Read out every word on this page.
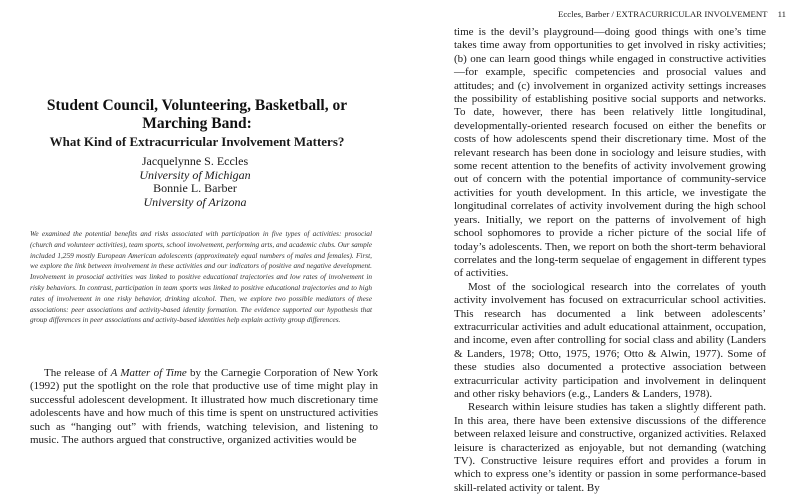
Student Council, Volunteering, Basketball, or Marching Band:
What Kind of Extracurricular Involvement Matters?
Jacquelynne S. Eccles
University of Michigan
Bonnie L. Barber
University of Arizona
We examined the potential benefits and risks associated with participation in five types of activities: prosocial (church and volunteer activities), team sports, school involvement, performing arts, and academic clubs. Our sample included 1,259 mostly European American adolescents (approximately equal numbers of males and females). First, we explore the link between involvement in these activities and our indicators of positive and negative development. Involvement in prosocial activities was linked to positive educational trajectories and low rates of involvement in risky behaviors. In contrast, participation in team sports was linked to positive educational trajectories and to high rates of involvement in one risky behavior, drinking alcohol. Then, we explore two possible mediators of these associations: peer associations and activity-based identity formation. The evidence supported our hypothesis that group differences in peer associations and activity-based identities help explain activity group differences.

The release of A Matter of Time by the Carnegie Corporation of New York (1992) put the spotlight on the role that productive use of time might play in successful adolescent development. It illustrated how much discretionary time adolescents have and how much of this time is spent on unstructured activities such as “hanging out” with friends, watching television, and listening to music. The authors argued that constructive, organized activities would be

Eccles, Barber / EXTRACURRICULAR INVOLVEMENT 11

time is the devil’s playground—doing good things with one’s time takes time away from opportunities to get involved in risky activities; (b) one can learn good things while engaged in constructive activities—for example, specific competencies and prosocial values and attitudes; and (c) involvement in organized activity settings increases the possibility of establishing positive social supports and networks. To date, however, there has been relatively little longitudinal, developmentally-oriented research focused on either the benefits or costs of how adolescents spend their discretionary time. Most of the relevant research has been done in sociology and leisure studies, with some recent attention to the benefits of activity involvement growing out of concern with the potential importance of community-service activities for youth development. In this article, we investigate the longitudinal correlates of activity involvement during the high school years. Initially, we report on the patterns of involvement of high school sophomores to provide a richer picture of the social life of today’s adolescents. Then, we report on both the short-term behavioral correlates and the long-term sequelae of engagement in different types of activities.

Most of the sociological research into the correlates of youth activity involvement has focused on extracurricular school activities. This research has documented a link between adolescents’ extracurricular activities and adult educational attainment, occupation, and income, even after controlling for social class and ability (Landers & Landers, 1978; Otto, 1975, 1976; Otto & Alwin, 1977). Some of these studies also documented a protective association between extracurricular activity participation and involvement in delinquent and other risky behaviors (e.g., Landers & Landers, 1978).

Research within leisure studies has taken a slightly different path. In this area, there have been extensive discussions of the difference between relaxed leisure and constructive, organized activities. Relaxed leisure is characterized as enjoyable, but not demanding (watching TV). Constructive leisure requires effort and provides a forum in which to express one’s identity or passion in some performance-based skill-related activity or talent. By
